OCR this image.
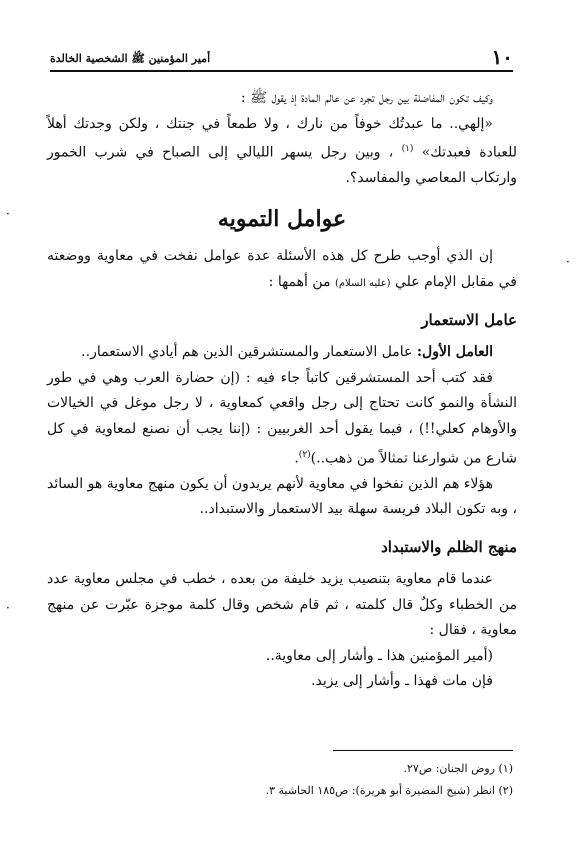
١٠
أمير المؤمنين ﷺ الشخصية الخالدة

وكيف تكون المفاضلة بين رجل تجرد عن عالم المادة إذ يقول ﷺ :

«إلهي.. ما عبدتُك خوفاً من نارك ، ولا طمعاً في جنتك ، ولكن وجدتك أهلاً للعبادة فعبدتك» $^{(١)}$ ، وبين رجل يسهر الليالي إلى الصباح في شرب الخمور وارتكاب المعاصي والمفاسد؟.

عوامل التمويه

إن الذي أوجب طرح كل هذه الأسئلة عدة عوامل نفخت في معاوية ووضعته في مقابل الإمام علي (عليه السلام) من أهمها :

عامل الاستعمار

العامل الأول: عامل الاستعمار والمستشرقين الذين هم أيادي الاستعمار..

فقد كتب أحد المستشرقين كاتباً جاء فيه : (إن حضارة العرب وهي في طور النشأة والنمو كانت تحتاج إلى رجل واقعي كمعاوية ، لا رجل موغل في الخيالات والأوهام كعلي!!) ، فيما يقول أحد الغربيين : (إننا يجب أن نصنع لمعاوية في كل شارع من شوارعنا تمثالاً من ذهب..)$^{(٢)}$.

هؤلاء هم الذين نفخوا في معاوية لأنهم يريدون أن يكون منهج معاوية هو السائد ، وبه تكون البلاد فريسة سهلة بيد الاستعمار والاستبداد..

منهج الظلم والاستبداد

عندما قام معاوية بتنصيب يزيد خليفة من بعده ، خطب في مجلس معاوية عدد من الخطباء وكلٌ قال كلمته ، ثم قام شخص وقال كلمة موجزة عبّرت عن منهج معاوية ، فقال :

(أمير المؤمنين هذا ـ وأشار إلى معاوية..

فإن مات فهذا ـ وأشار إلى يزيد.

(١) روض الجنان: ص٢٧.

(٢) انظر (شيخ المضيرة أبو هريرة): ص١٨٥ الحاشية ٣.

·
·
·
